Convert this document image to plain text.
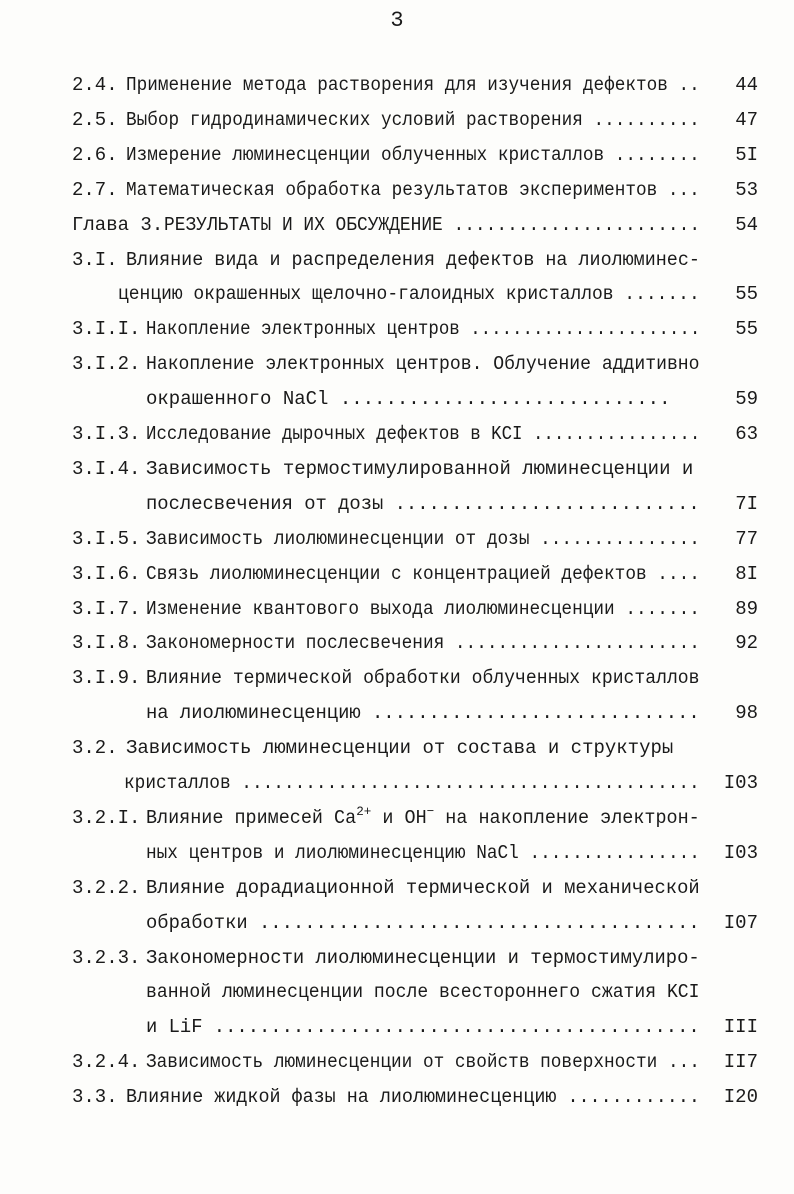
3
2.4. Применение метода растворения для изучения дефектов .. 44
2.5. Выбор гидродинамических условий растворения .......... 47
2.6. Измерение люминесценции облученных кристаллов ........ 5I
2.7. Математическая обработка результатов экспериментов ... 53
Глава 3. РЕЗУЛЬТАТЫ И ИХ ОБСУЖДЕНИЕ ....................... 54
3.I. Влияние вида и распределения дефектов на лиолюминес-
ценцию окрашенных щелочно-галоидных кристаллов ....... 55
3.I.I. Накопление электронных центров ...................... 55
3.I.2. Накопление электронных центров. Облучение аддитивно
окрашенного NaCl .............................	59
3.I.3. Исследование дырочных дефектов в KCI ................ 63
3.I.4. Зависимость термостимулированной люминесценции и
послесвечения от дозы ........................... 7I
3.I.5. Зависимость лиолюминесценции от дозы ............... 77
3.I.6. Связь лиолюминесценции с концентрацией дефектов .... 8I
3.I.7. Изменение квантового выхода лиолюминесценции ....... 89
3.I.8. Закономерности послесвечения ....................... 92
3.I.9. Влияние термической обработки облученных кристаллов
на лиолюминесценцию ............................. 98
3.2. Зависимость люминесценции от состава и структуры
кристаллов ........................................... I03
3.2.I. Влияние примесей $Ca^{2+}$ и OH− на накопление электрон-
ных центров и лиолюминесценцию NaCl ................ I03
3.2.2. Влияние дорадиационной термической и механической
обработки ....................................... I07
3.2.3. Закономерности лиолюминесценции и термостимулиро-
ванной люминесценции после всестороннего сжатия KCI
и LiF ........................................... III
3.2.4. Зависимость люминесценции от свойств поверхности ... II7
3.3. Влияние жидкой фазы на лиолюминесценцию ............ I20
